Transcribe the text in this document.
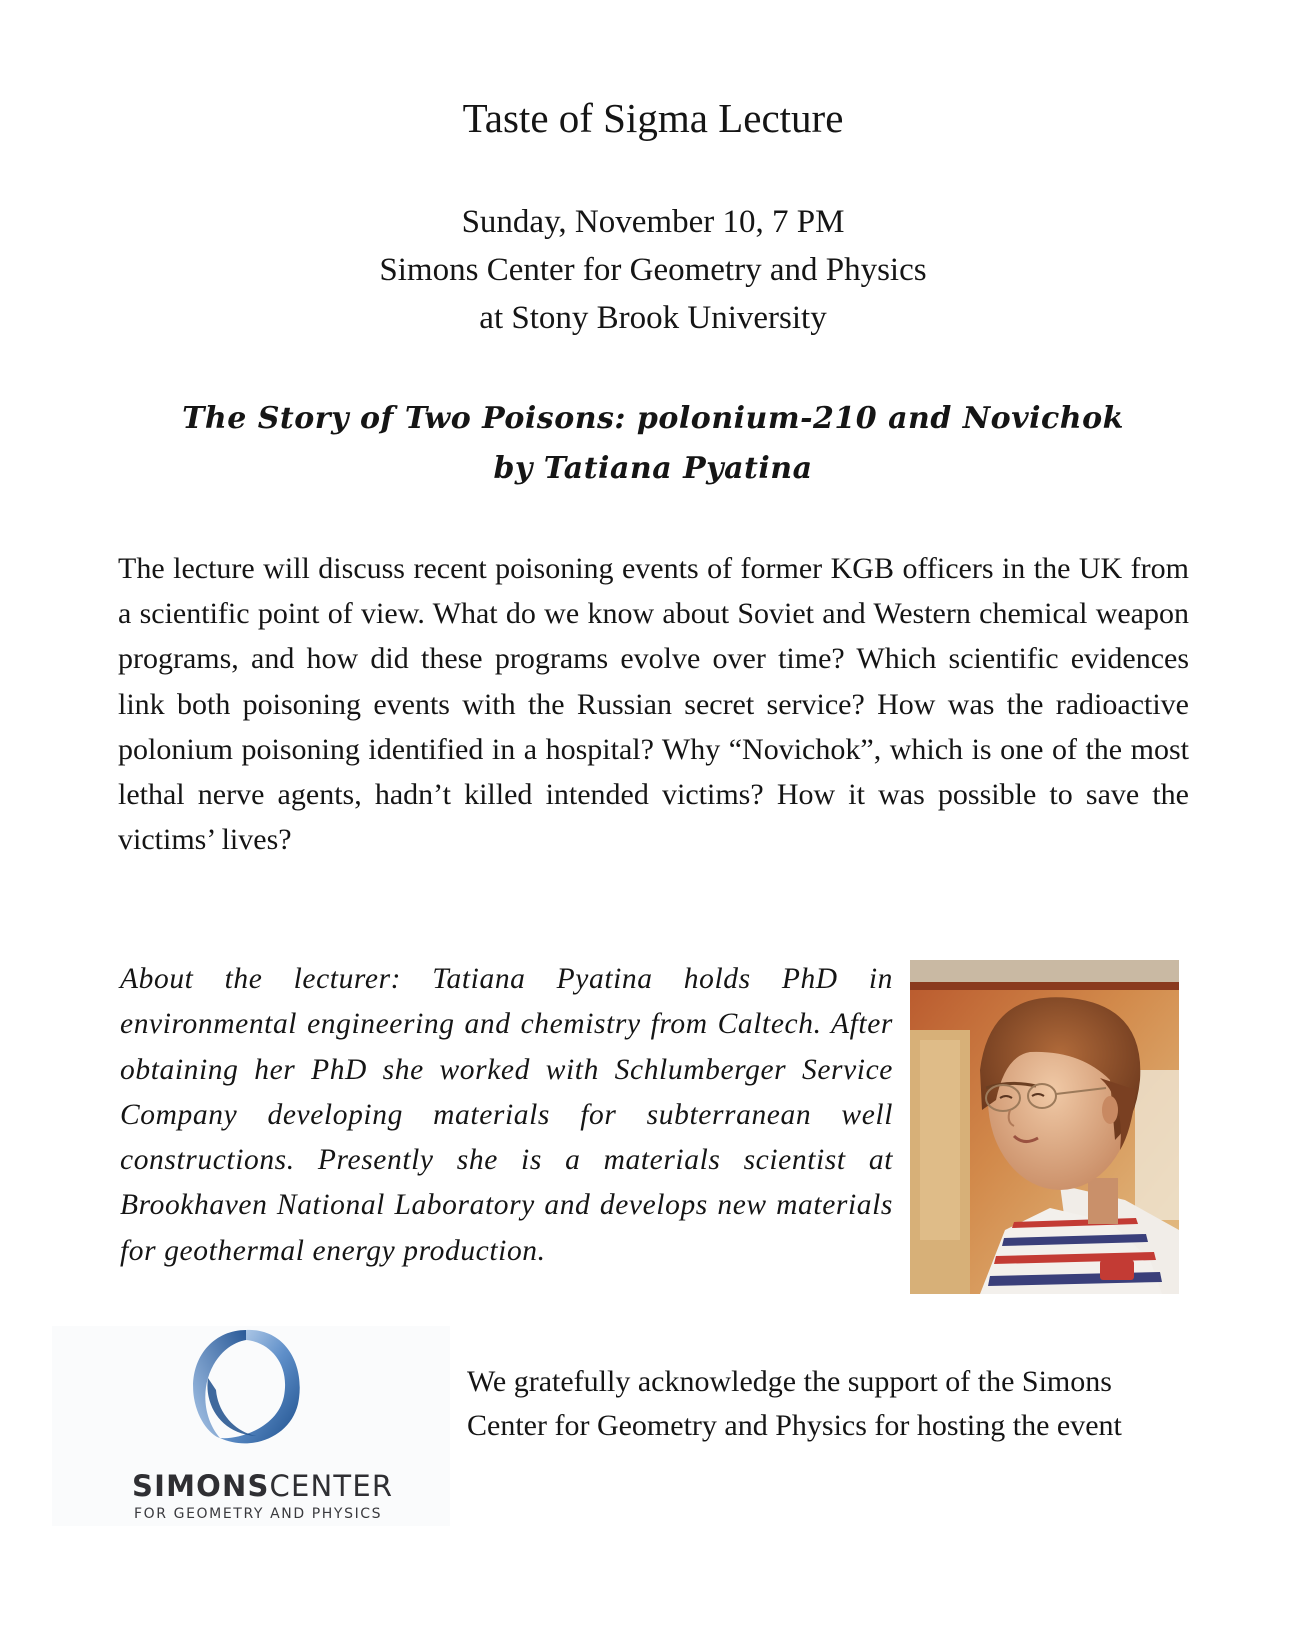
Taste of Sigma Lecture
Sunday, November 10, 7 PM
Simons Center for Geometry and Physics
at Stony Brook University
The Story of Two Poisons: polonium-210 and Novichok
by Tatiana Pyatina

The lecture will discuss recent poisoning events of former KGB officers in the UK from a scientific point of view. What do we know about Soviet and Western chemical weapon programs, and how did these programs evolve over time? Which scientific evidences link both poisoning events with the Russian secret service? How was the radioactive polonium poisoning identified in a hospital? Why “Novichok”, which is one of the most lethal nerve agents, hadn’t killed intended victims? How it was possible to save the victims’ lives?

About the lecturer: Tatiana Pyatina holds PhD in environmental engineering and chemistry from Caltech. After obtaining her PhD she worked with Schlumberger Service Company developing materials for subterranean well constructions. Presently she is a materials scientist at Brookhaven National Laboratory and develops new materials for geothermal energy production.

SIMONSCENTER
FOR GEOMETRY AND PHYSICS

We gratefully acknowledge the support of the Simons Center for Geometry and Physics for hosting the event
